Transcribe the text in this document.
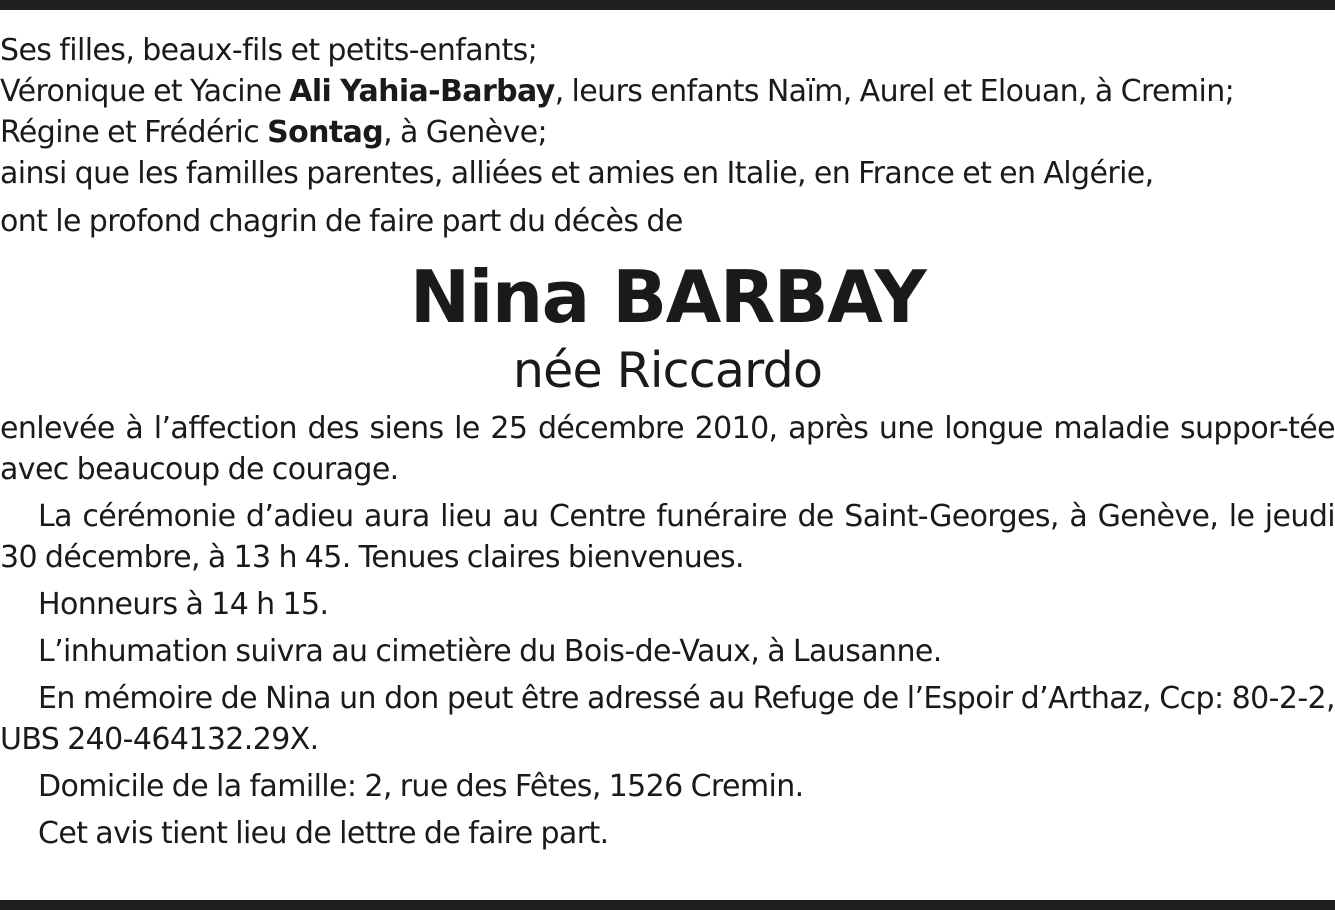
Ses filles, beaux-fils et petits-enfants;
Véronique et Yacine Ali Yahia-Barbay, leurs enfants Naïm, Aurel et Elouan, à Cremin;
Régine et Frédéric Sontag, à Genève;
ainsi que les familles parentes, alliées et amies en Italie, en France et en Algérie,
ont le profond chagrin de faire part du décès de
Nina BARBAY
née Riccardo

enlevée à l’affection des siens le 25 décembre 2010, après une longue maladie suppor-tée avec beaucoup de courage.

La cérémonie d’adieu aura lieu au Centre funéraire de Saint-Georges, à Genève, le jeudi 30 décembre, à 13 h 45. Tenues claires bienvenues.

Honneurs à 14 h 15.

L’inhumation suivra au cimetière du Bois-de-Vaux, à Lausanne.

En mémoire de Nina un don peut être adressé au Refuge de l’Espoir d’Arthaz, Ccp: 80-2-2, UBS 240-464132.29X.

Domicile de la famille: 2, rue des Fêtes, 1526 Cremin.

Cet avis tient lieu de lettre de faire part.
